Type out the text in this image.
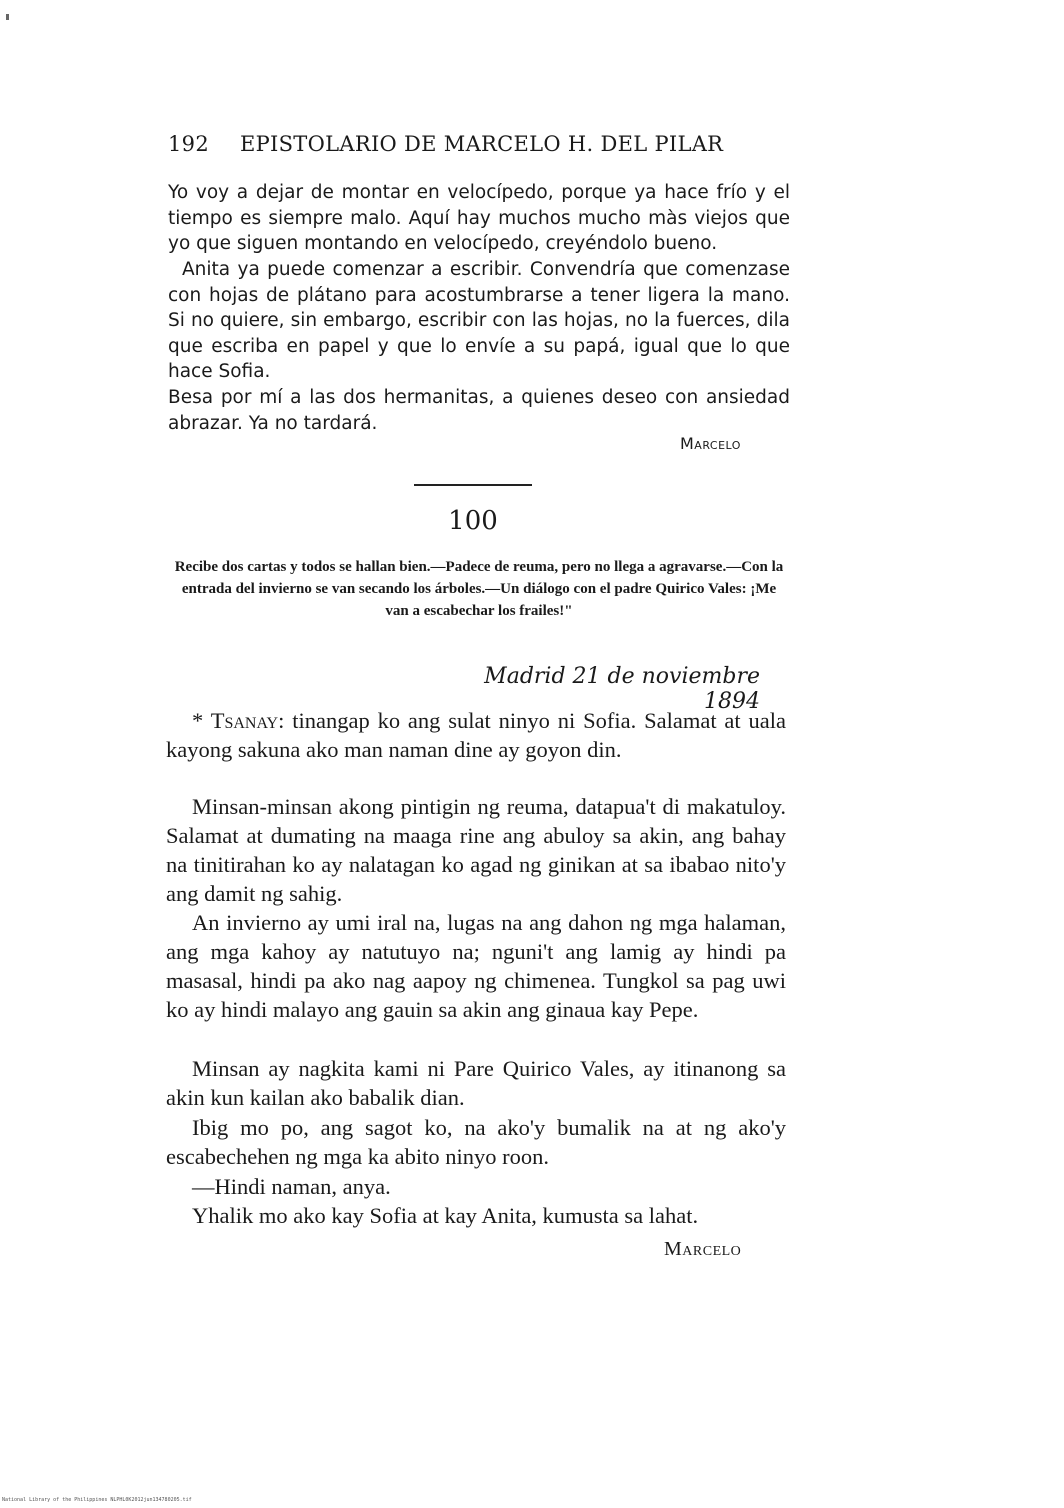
192 EPISTOLARIO DE MARCELO H. DEL PILAR

Yo voy a dejar de montar en velocípedo, porque ya hace frío y el tiempo es siempre malo. Aquí hay muchos mucho màs viejos que yo que siguen montando en velocípedo, creyéndolo bueno.

Anita ya puede comenzar a escribir. Convendría que comenzase con hojas de plátano para acostumbrarse a tener ligera la mano. Si no quiere, sin embargo, escribir con las hojas, no la fuerces, dila que escriba en papel y que lo envíe a su papá, igual que lo que hace Sofia.

Besa por mí a las dos hermanitas, a quienes deseo con ansiedad abrazar. Ya no tardará.

Marcelo
100

Recibe dos cartas y todos se hallan bien.—Padece de reuma, pero no llega a agravarse.—Con la entrada del invierno se van secando los árboles.—Un diálogo con el padre Quirico Vales: ¡Me van a escabechar los frailes!"

Madrid 21 de noviembre 1894

* Tsanay: tinangap ko ang sulat ninyo ni Sofia. Salamat at uala kayong sakuna ako man naman dine ay goyon din.

Minsan-minsan akong pintigin ng reuma, datapua't di makatuloy. Salamat at dumating na maaga rine ang abuloy sa akin, ang bahay na tinitirahan ko ay nalatagan ko agad ng ginikan at sa ibabao nito'y ang damit ng sahig.

An invierno ay umi iral na, lugas na ang dahon ng mga halaman, ang mga kahoy ay natutuyo na; nguni't ang lamig ay hindi pa masasal, hindi pa ako nag aapoy ng chimenea. Tungkol sa pag uwi ko ay hindi malayo ang gauin sa akin ang ginaua kay Pepe.

Minsan ay nagkita kami ni Pare Quirico Vales, ay itinanong sa akin kun kailan ako babalik dian.

Ibig mo po, ang sagot ko, na ako'y bumalik na at ng ako'y escabechehen ng mga ka abito ninyo roon.

—Hindi naman, anya.

Yhalik mo ako kay Sofia at kay Anita, kumusta sa lahat.

Marcelo
National Library of the Philippines NLPHL0K2012jun134780205.tif
